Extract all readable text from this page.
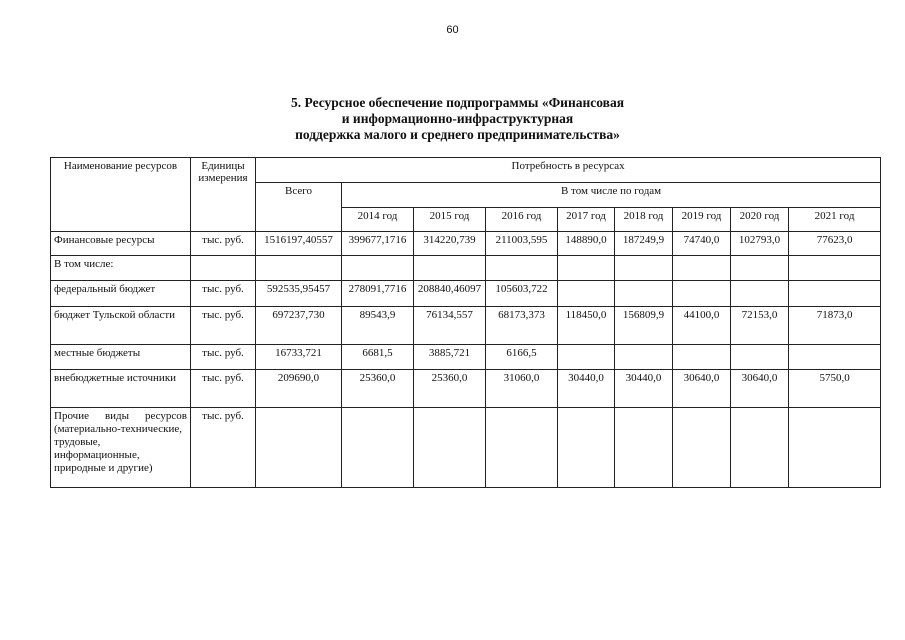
60
5. Ресурсное обеспечение подпрограммы «Финансовая
и информационно-инфраструктурная
поддержка малого и среднего предпринимательства»
Наименование ресурсов	Единицы измерения	Потребность в ресурсах								
		Всего	В том числе по годам							
			2014 год	2015 год	2016 год	2017 год	2018 год	2019 год	2020 год	2021 год
Финансовые ресурсы	тыс. руб.	1516197,40557	399677,1716	314220,739	211003,595	148890,0	187249,9	74740,0	102793,0	77623,0
В том числе:										
федеральный бюджет	тыс. руб.	592535,95457	278091,7716	208840,46097	105603,722					
бюджет Тульской области	тыс. руб.	697237,730	89543,9	76134,557	68173,373	118450,0	156809,9	44100,0	72153,0	71873,0
местные бюджеты	тыс. руб.	16733,721	6681,5	3885,721	6166,5					
внебюджетные источники	тыс. руб.	209690,0	25360,0	25360,0	31060,0	30440,0	30440,0	30640,0	30640,0	5750,0
Прочие виды ресурсов (материально-технические, трудовые, информационные, природные и другие)	тыс. руб.									
